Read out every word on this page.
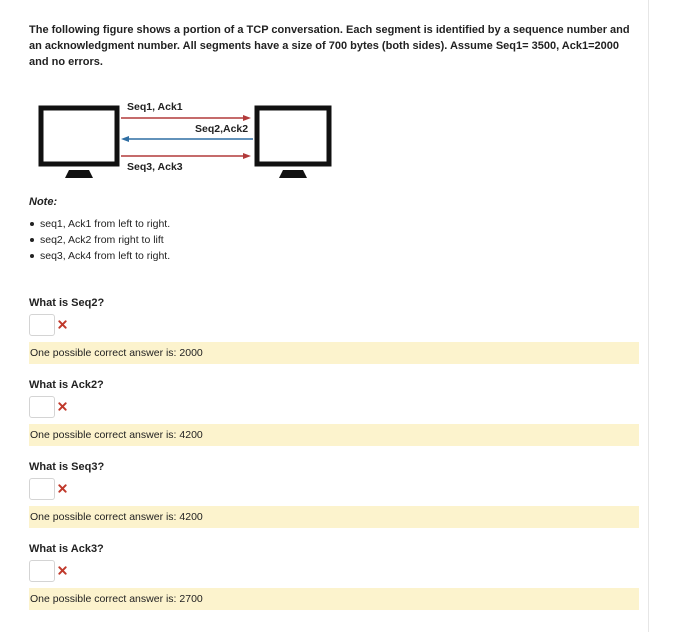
The following figure shows a portion of a TCP conversation. Each segment is identified by a sequence number and an acknowledgment number. All segments have a size of 700 bytes (both sides). Assume Seq1= 3500, Ack1=2000 and no errors.
Seq1, Ack1
Seq2,Ack2
Seq3, Ack3
Note:
seq1, Ack1 from left to right.
seq2, Ack2 from right to lift
seq3, Ack4 from left to right.
What is Seq2?
One possible correct answer is: 2000
What is Ack2?
One possible correct answer is: 4200
What is Seq3?
One possible correct answer is: 4200
What is Ack3?
One possible correct answer is: 2700
